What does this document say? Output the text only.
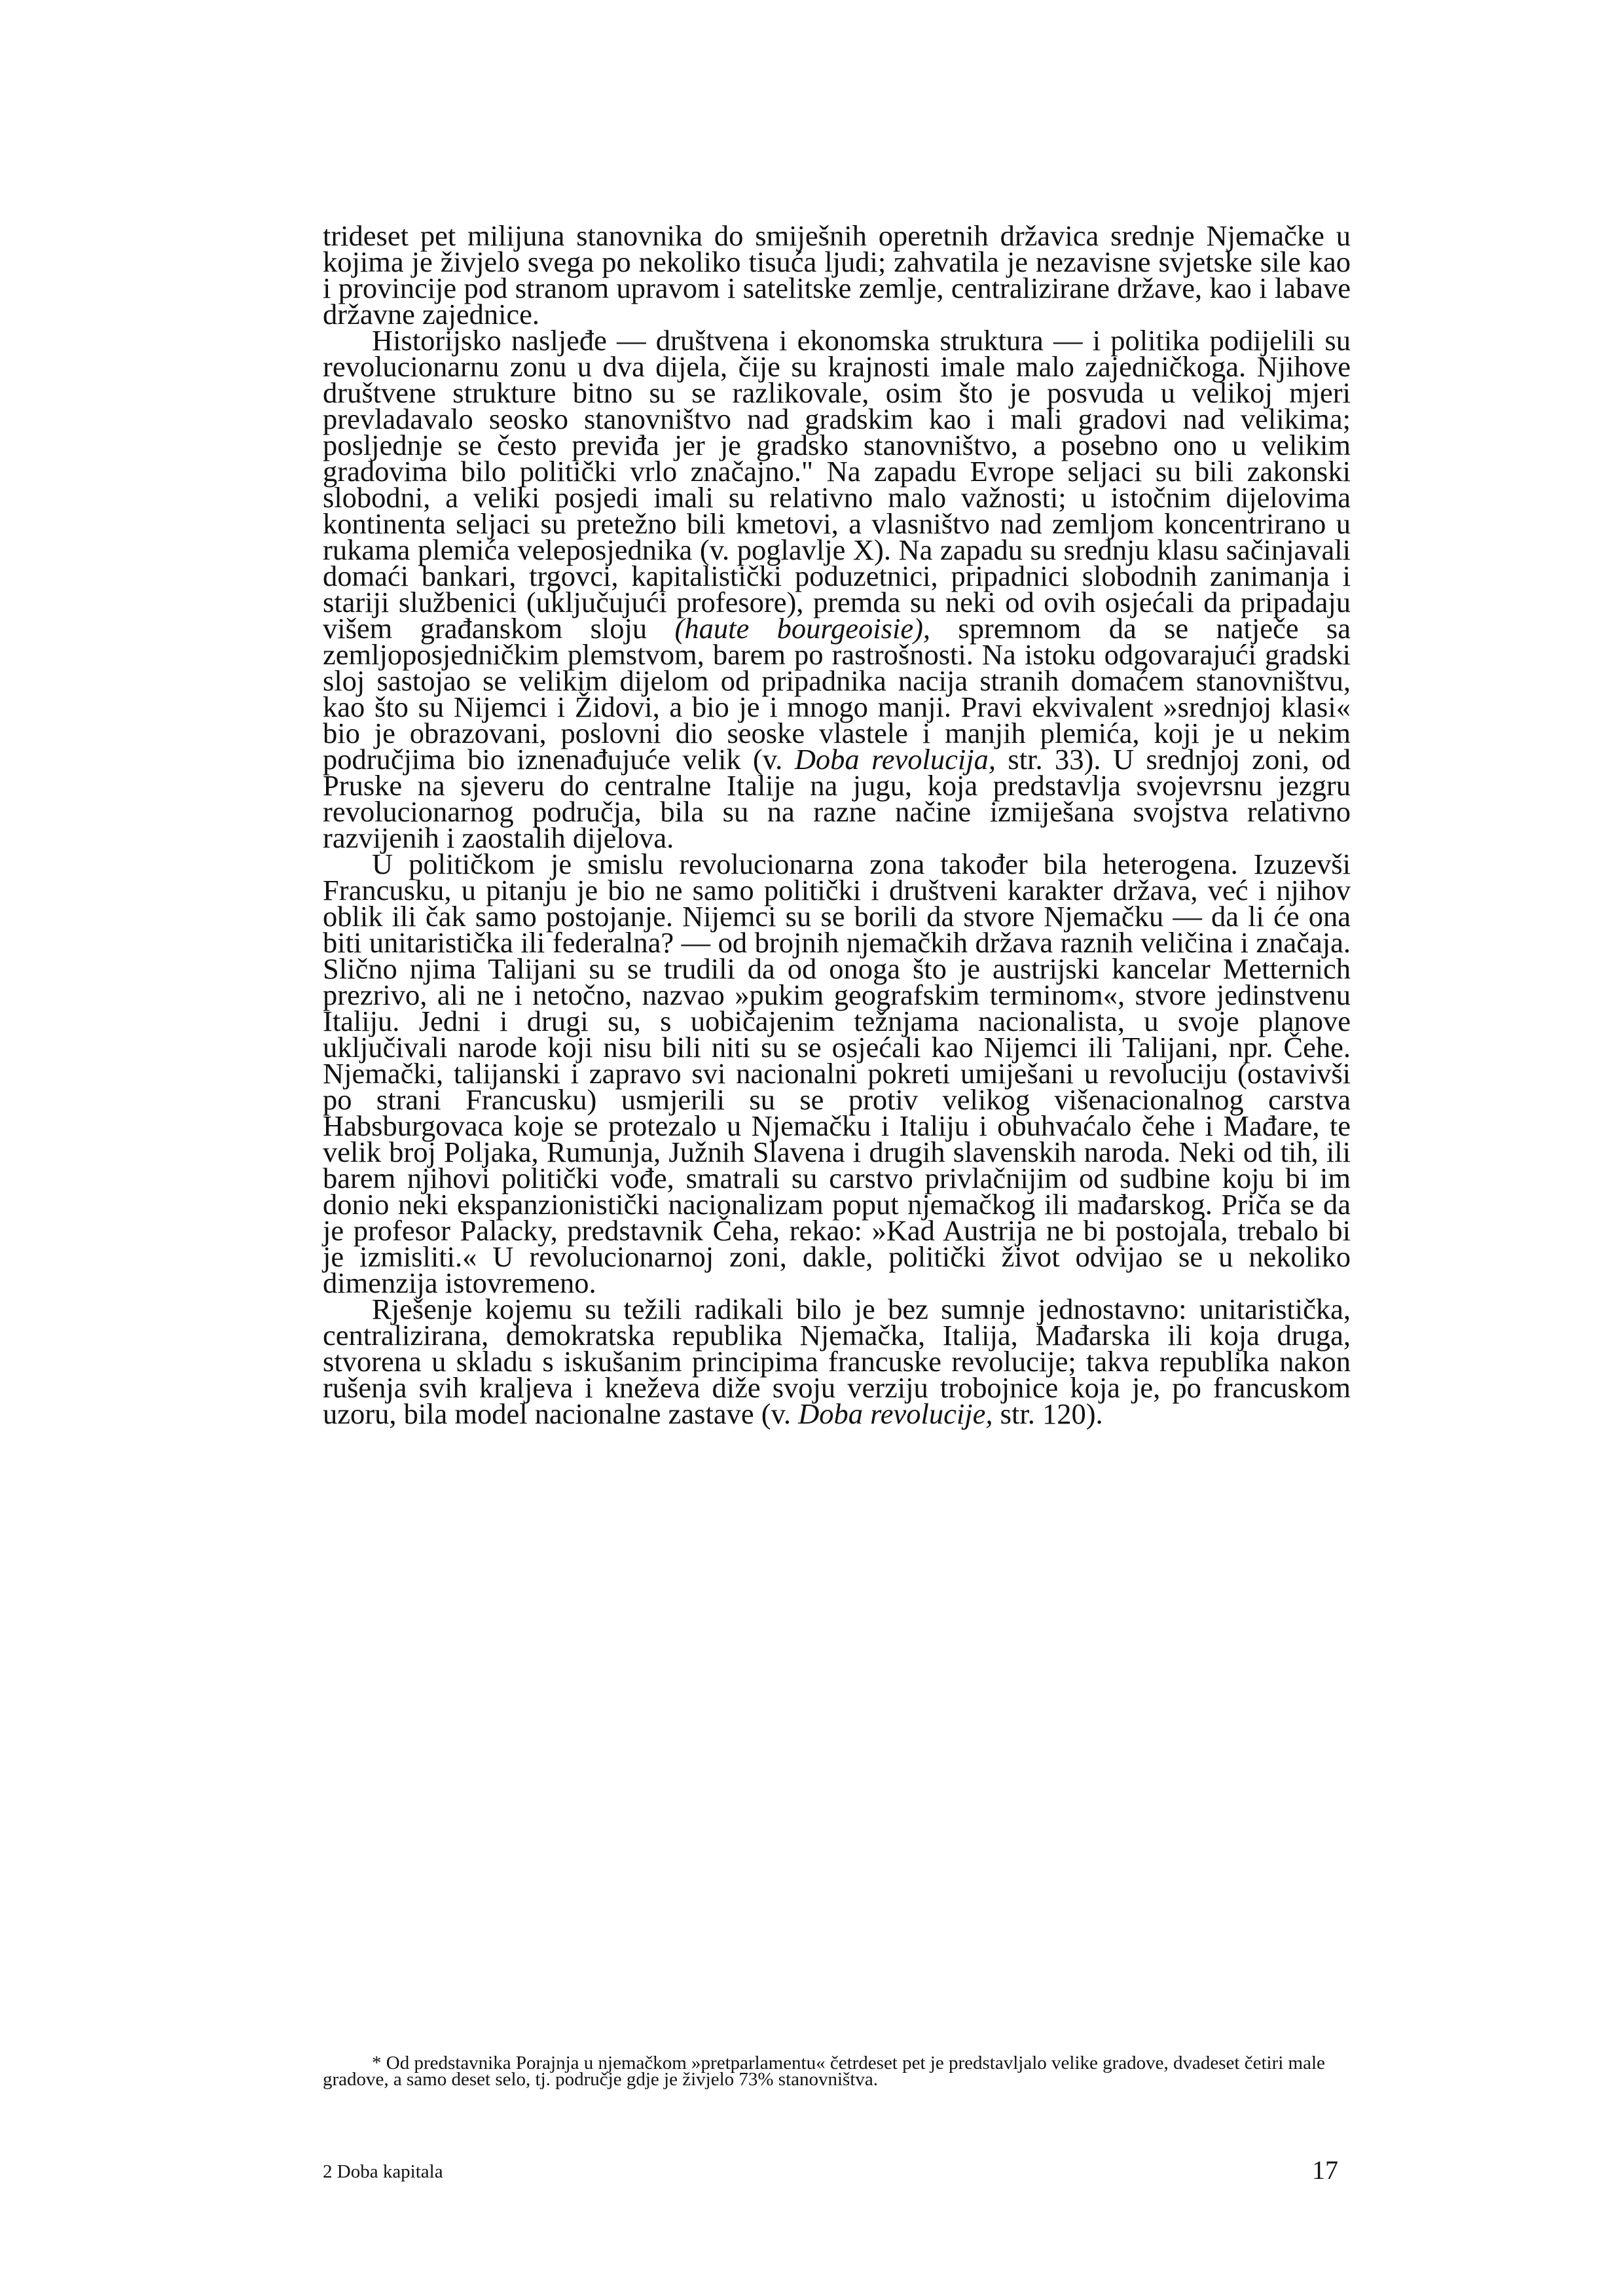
trideset pet milijuna stanovnika do smiješnih operetnih državica srednje Njemačke u kojima je živjelo svega po nekoliko tisuća ljudi; zahvatila je nezavisne svjetske sile kao i provincije pod stranom upravom i satelitske zemlje, centralizirane države, kao i labave državne zajednice.

Historijsko nasljeđe — društvena i ekonomska struktura — i politika podijelili su revolucionarnu zonu u dva dijela, čije su krajnosti imale malo zajedničkoga. Njihove društvene strukture bitno su se razlikovale, osim što je posvuda u velikoj mjeri prevladavalo seosko stanovništvo nad gradskim kao i mali gradovi nad velikima; posljednje se često previđa jer je gradsko stanovništvo, a posebno ono u velikim gradovima bilo politički vrlo značajno." Na zapadu Evrope seljaci su bili zakonski slobodni, a veliki posjedi imali su relativno malo važnosti; u istočnim dijelovima kontinenta seljaci su pretežno bili kmetovi, a vlasništvo nad zemljom koncentrirano u rukama plemića veleposjednika (v. poglavlje X). Na zapadu su srednju klasu sačinjavali domaći bankari, trgovci, kapitalistički poduzetnici, pripadnici slobodnih zanimanja i stariji službenici (uključujući profesore), premda su neki od ovih osjećali da pripadaju višem građanskom sloju (haute bourgeoisie), spremnom da se natječe sa zemljoposjedničkim plemstvom, barem po rastrošnosti. Na istoku odgovarajući gradski sloj sastojao se velikim dijelom od pripadnika nacija stranih domaćem stanovništvu, kao što su Nijemci i Židovi, a bio je i mnogo manji. Pravi ekvivalent »srednjoj klasi« bio je obrazovani, poslovni dio seoske vlastele i manjih plemića, koji je u nekim područjima bio iznenađujuće velik (v. Doba revolucija, str. 33). U srednjoj zoni, od Pruske na sjeveru do centralne Italije na jugu, koja predstavlja svojevrsnu jezgru revolucionarnog područja, bila su na razne načine izmiješana svojstva relativno razvijenih i zaostalih dijelova.

U političkom je smislu revolucionarna zona također bila heterogena. Izuzevši Francusku, u pitanju je bio ne samo politički i društveni karakter država, već i njihov oblik ili čak samo postojanje. Nijemci su se borili da stvore Njemačku — da li će ona biti unitaristička ili federalna? — od brojnih njemačkih država raznih veličina i značaja. Slično njima Talijani su se trudili da od onoga što je austrijski kancelar Metternich prezrivo, ali ne i netočno, nazvao »pukim geografskim terminom«, stvore jedinstvenu Italiju. Jedni i drugi su, s uobičajenim težnjama nacionalista, u svoje planove uključivali narode koji nisu bili niti su se osjećali kao Nijemci ili Talijani, npr. Čehe. Njemački, talijanski i zapravo svi nacionalni pokreti umiješani u revoluciju (ostavivši po strani Francusku) usmjerili su se protiv velikog višenacionalnog carstva Habsburgovaca koje se protezalo u Njemačku i Italiju i obuhvaćalo čehe i Mađare, te velik broj Poljaka, Rumunja, Južnih Slavena i drugih slavenskih naroda. Neki od tih, ili barem njihovi politički vođe, smatrali su carstvo privlačnijim od sudbine koju bi im donio neki ekspanzionistički nacionalizam poput njemačkog ili mađarskog. Priča se da je profesor Palacky, predstavnik Čeha, rekao: »Kad Austrija ne bi postojala, trebalo bi je izmisliti.« U revolucionarnoj zoni, dakle, politički život odvijao se u nekoliko dimenzija istovremeno.

Rješenje kojemu su težili radikali bilo je bez sumnje jednostavno: unitaristička, centralizirana, demokratska republika Njemačka, Italija, Mađarska ili koja druga, stvorena u skladu s iskušanim principima francuske revolucije; takva republika nakon rušenja svih kraljeva i kneževa diže svoju verziju trobojnice koja je, po francuskom uzoru, bila model nacionalne zastave (v. Doba revolucije, str. 120).

* Od predstavnika Porajnja u njemačkom »pretparlamentu« četrdeset pet je predstavljalo velike gradove, dvadeset četiri male gradove, a samo deset selo, tj. područje gdje je živjelo 73% stanovništva.

2 Doba kapitala	17
